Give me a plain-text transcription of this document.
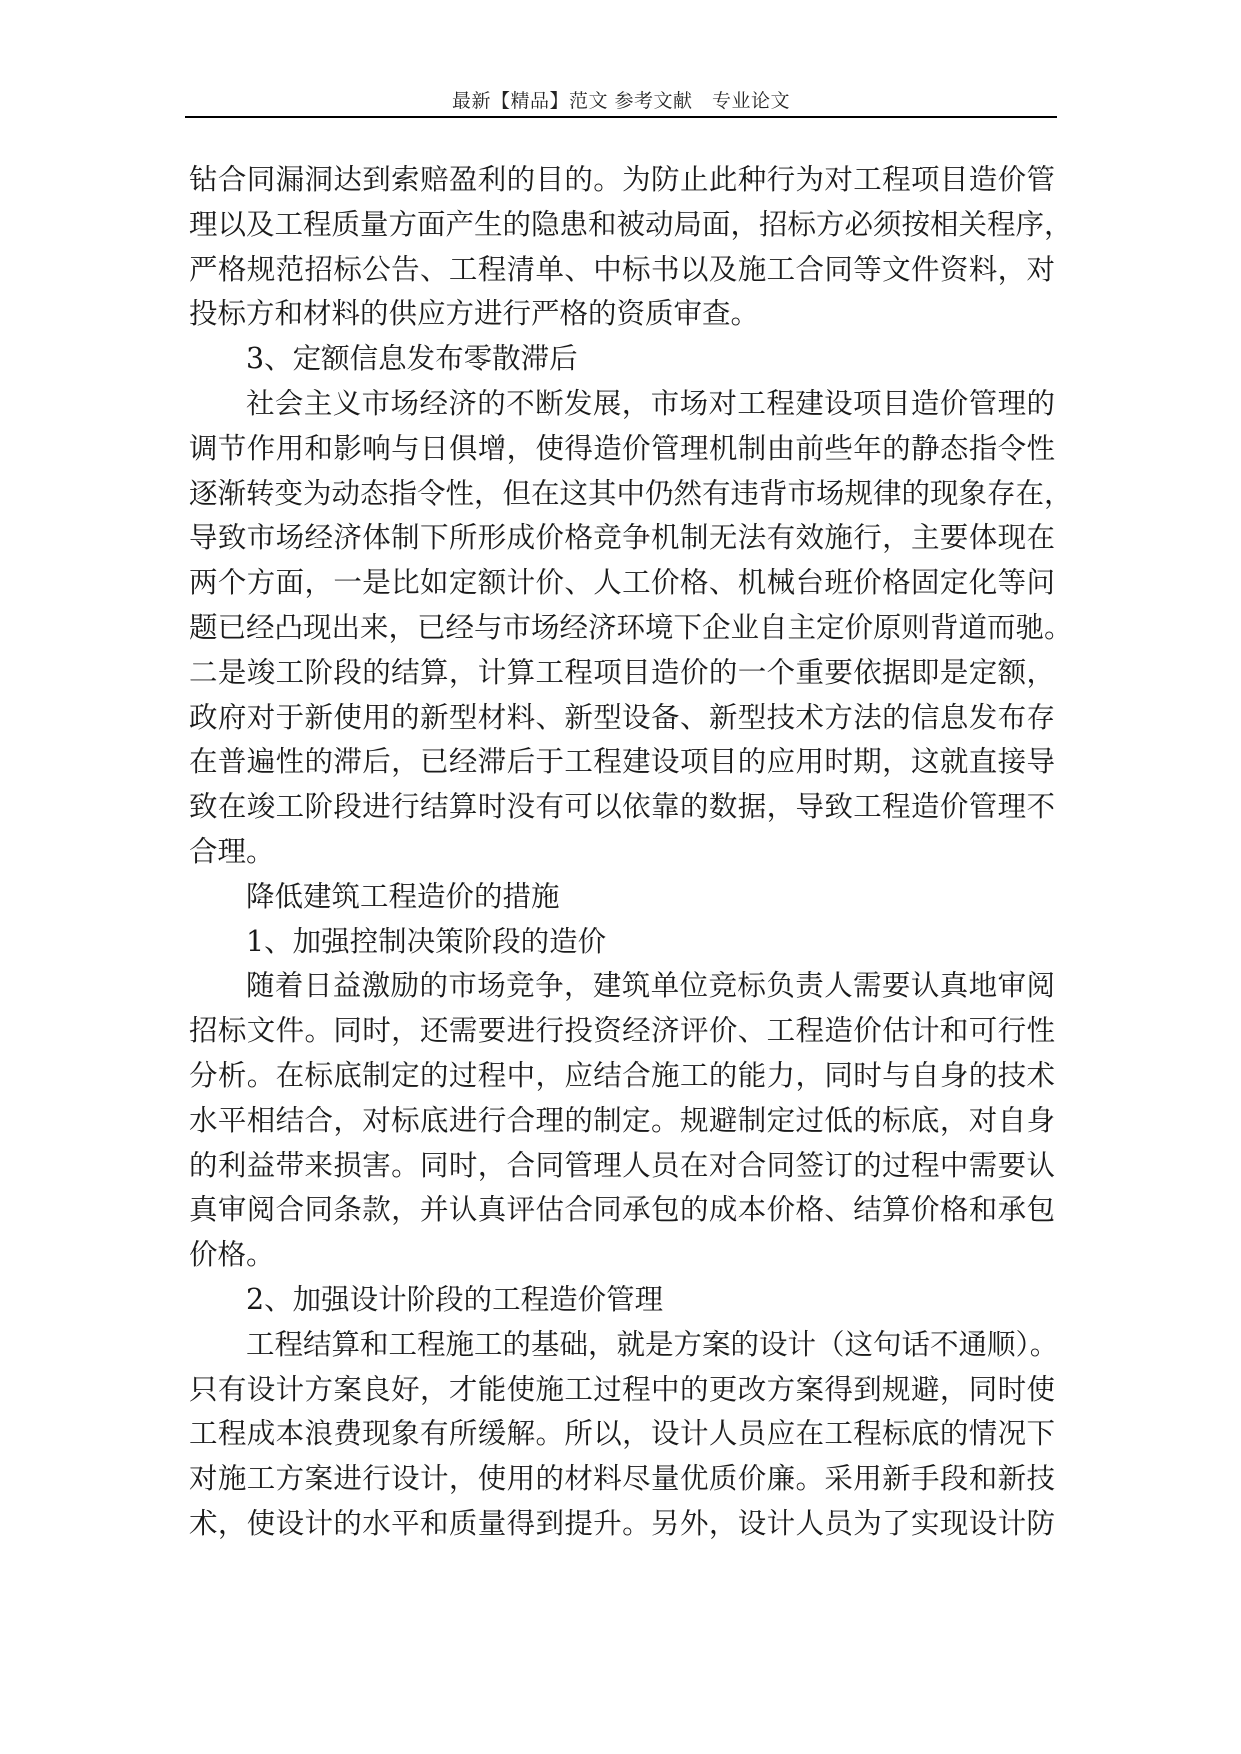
最新【精品】范文 参考文献　专业论文
钻合同漏洞达到索赔盈利的目的。为防止此种行为对工程项目造价管
理以及工程质量方面产生的隐患和被动局面，招标方必须按相关程序，
严格规范招标公告、工程清单、中标书以及施工合同等文件资料，对
投标方和材料的供应方进行严格的资质审查。
3、定额信息发布零散滞后
社会主义市场经济的不断发展，市场对工程建设项目造价管理的
调节作用和影响与日俱增，使得造价管理机制由前些年的静态指令性
逐渐转变为动态指令性，但在这其中仍然有违背市场规律的现象存在，
导致市场经济体制下所形成价格竞争机制无法有效施行，主要体现在
两个方面，一是比如定额计价、人工价格、机械台班价格固定化等问
题已经凸现出来，已经与市场经济环境下企业自主定价原则背道而驰。
二是竣工阶段的结算，计算工程项目造价的一个重要依据即是定额，
政府对于新使用的新型材料、新型设备、新型技术方法的信息发布存
在普遍性的滞后，已经滞后于工程建设项目的应用时期，这就直接导
致在竣工阶段进行结算时没有可以依靠的数据，导致工程造价管理不
合理。
降低建筑工程造价的措施
1、加强控制决策阶段的造价
随着日益激励的市场竞争，建筑单位竞标负责人需要认真地审阅
招标文件。同时，还需要进行投资经济评价、工程造价估计和可行性
分析。在标底制定的过程中，应结合施工的能力，同时与自身的技术
水平相结合，对标底进行合理的制定。规避制定过低的标底，对自身
的利益带来损害。同时，合同管理人员在对合同签订的过程中需要认
真审阅合同条款，并认真评估合同承包的成本价格、结算价格和承包
价格。
2、加强设计阶段的工程造价管理
工程结算和工程施工的基础，就是方案的设计（这句话不通顺）。
只有设计方案良好，才能使施工过程中的更改方案得到规避，同时使
工程成本浪费现象有所缓解。所以，设计人员应在工程标底的情况下
对施工方案进行设计，使用的材料尽量优质价廉。采用新手段和新技
术，使设计的水平和质量得到提升。另外，设计人员为了实现设计防
